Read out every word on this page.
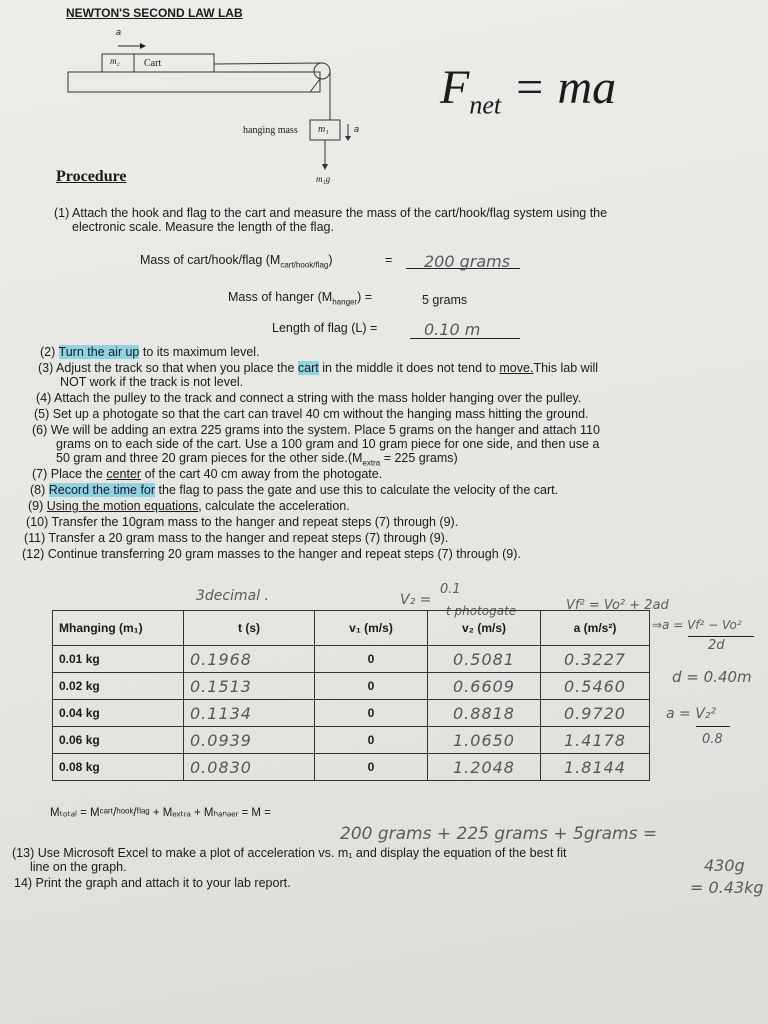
NEWTON'S SECOND LAW LAB
a
m₂ Cart
hanging mass m₁	a
m₁g
$F_{net}$ = ma
Procedure
(1) Attach the hook and flag to the cart and measure the mass of the cart/hook/flag system using the
electronic scale. Measure the length of the flag.
Mass of cart/hook/flag $(M_{cart/hook/flag})$	= 200 grams
Mass of hanger $(M_{hanger})$ =	5 grams
Length of flag (L) =	0.10 m
(2) Turn the air up to its maximum level.
(3) Adjust the track so that when you place the cart in the middle it does not tend to move.This lab will
NOT work if the track is not level.
(4) Attach the pulley to the track and connect a string with the mass holder hanging over the pulley.
(5) Set up a photogate so that the cart can travel 40 cm without the hanging mass hitting the ground.
(6) We will be adding an extra 225 grams into the system. Place 5 grams on the hanger and attach 110
grams on to each side of the cart. Use a 100 gram and 10 gram piece for one side, and then use a
50 gram and three 20 gram pieces for the other $side.(M_{extra} = 225$ grams)
(7) Place the center of the cart 40 cm away from the photogate.
(8) Record the time for the flag to pass the gate and use this to calculate the velocity of the cart.
(9) Using the motion equations, calculate the acceleration.
(10) Transfer the 10gram mass to the hanger and repeat steps (7) through (9).
(11) Transfer a 20 gram mass to the hanger and repeat steps (7) through (9).
(12) Continue transferring 20 gram masses to the hanger and repeat steps (7) through (9).
3decimal .	V₂ =
0.1
t photogate	Vf² = Vo² + 2ad
⇒a = Vf² − Vo²
2d
d = 0.40m
a = V₂²
0.8
Mhanging (m₁)	t (s)	v₁ (m/s)	v₂ (m/s)	a (m/s²)
0.01 kg	0.1968	0	0.5081	0.3227
0.02 kg	0.1513	0	0.6609	0.5460
0.04 kg	0.1134	0	0.8818	0.9720
0.06 kg	0.0939	0	1.0650	1.4178
0.08 kg	0.0830	0	1.2048	1.8144
Mₜₒₜₐₗ = Mᶜᵃʳᵗ/ʰᵒᵒᵏ/ᶠˡᵃᵍ + Mₑₓₜᵣₐ + Mₕₐₙₔₑᵣ = M =
200 grams + 225 grams + 5grams =
430g
= 0.43kg
(13) Use Microsoft Excel to make a plot of acceleration vs. m₁ and display the equation of the best fit
line on the graph.
14) Print the graph and attach it to your lab report.
